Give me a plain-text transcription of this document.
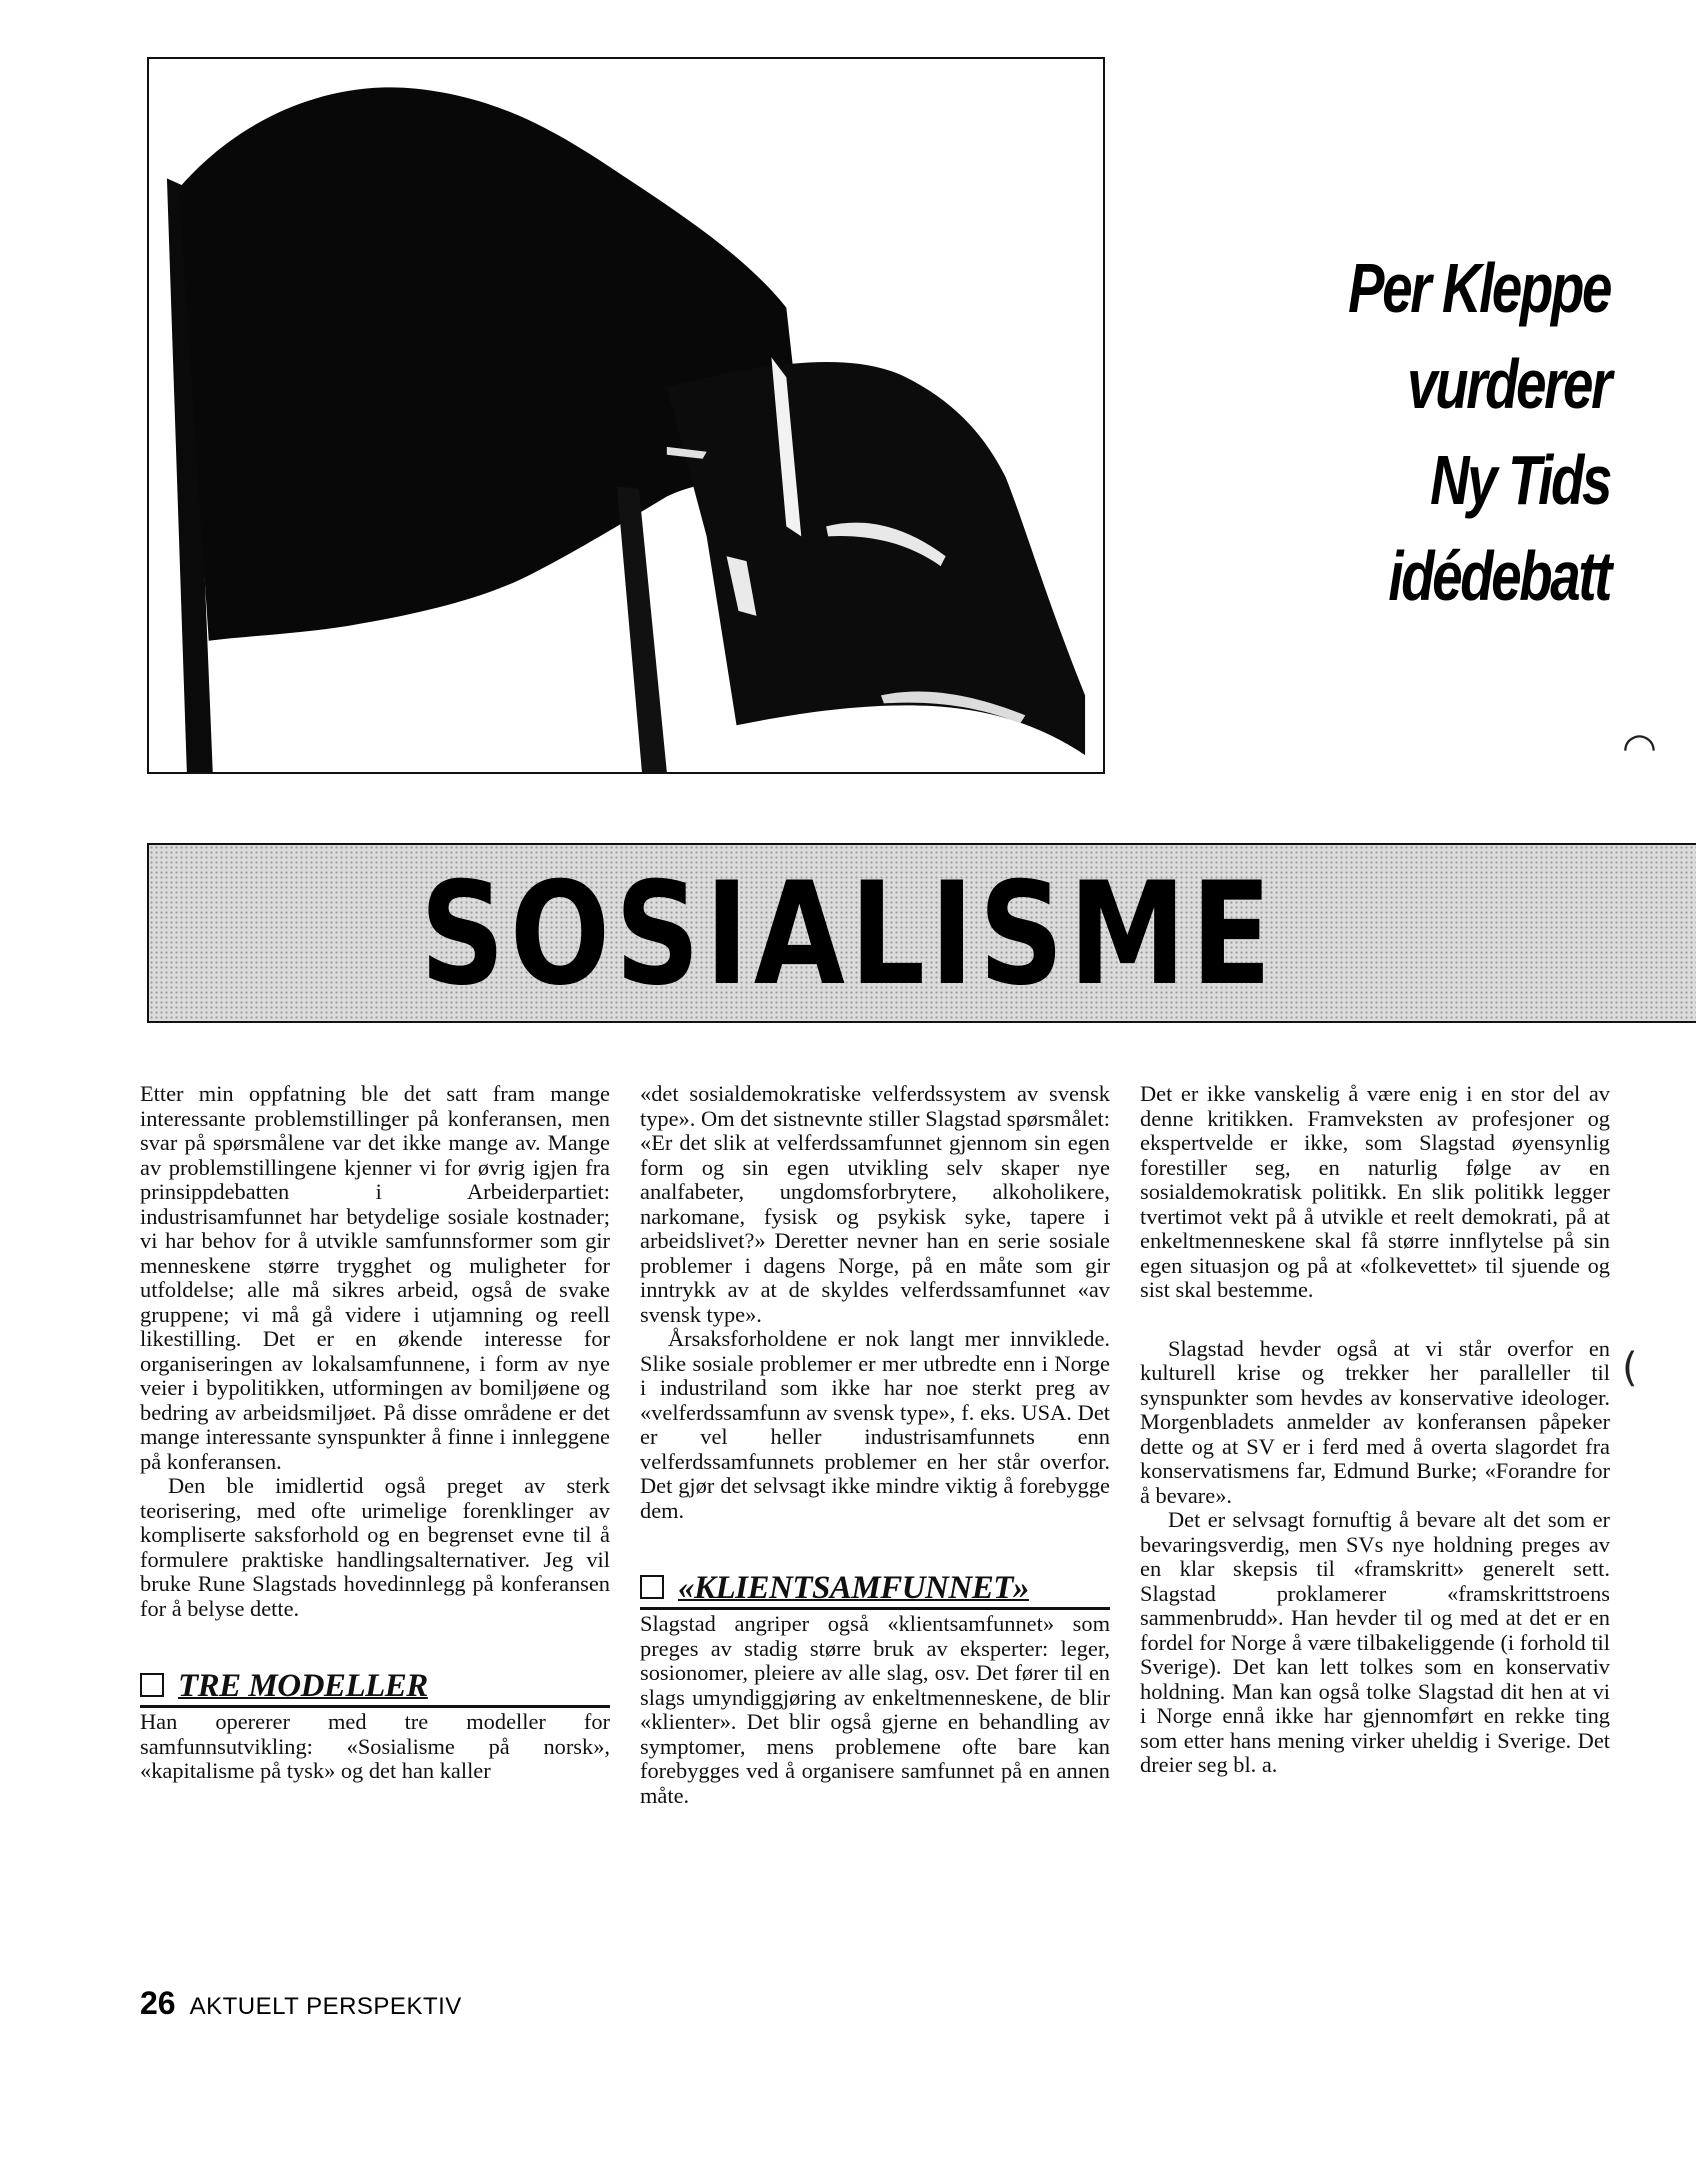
Per Kleppe
vurderer
Ny Tids
idédebatt
SOSIALISME
◠
(

Etter min oppfatning ble det satt fram mange interessante problemstillinger på konferansen, men svar på spørsmålene var det ikke mange av. Mange av problemstillingene kjenner vi for øvrig igjen fra prinsippdebatten i Arbeiderpartiet: industrisamfunnet har betydelige sosiale kostnader; vi har behov for å utvikle samfunnsformer som gir menneskene større trygghet og muligheter for utfoldelse; alle må sikres arbeid, også de svake gruppene; vi må gå videre i utjamning og reell likestilling. Det er en økende interesse for organiseringen av lokalsamfunnene, i form av nye veier i bypolitikken, utformingen av bomiljøene og bedring av arbeidsmiljøet. På disse områdene er det mange interessante synspunkter å finne i innleggene på konferansen.

Den ble imidlertid også preget av sterk teorisering, med ofte urimelige forenklinger av kompliserte saksforhold og en begrenset evne til å formulere praktiske handlingsalternativer. Jeg vil bruke Rune Slagstads hovedinnlegg på konferansen for å belyse dette.

TRE MODELLER

Han opererer med tre modeller for samfunnsutvikling: «Sosialisme på norsk», «kapitalisme på tysk» og det han kaller

«det sosialdemokratiske velferdssystem av svensk type». Om det sistnevnte stiller Slagstad spørsmålet: «Er det slik at velferdssamfunnet gjennom sin egen form og sin egen utvikling selv skaper nye analfabeter, ungdomsforbrytere, alkoholikere, narkomane, fysisk og psykisk syke, tapere i arbeidslivet?» Deretter nevner han en serie sosiale problemer i dagens Norge, på en måte som gir inntrykk av at de skyldes velferdssamfunnet «av svensk type».

Årsaksforholdene er nok langt mer innviklede. Slike sosiale problemer er mer utbredte enn i Norge i industriland som ikke har noe sterkt preg av «velferdssamfunn av svensk type», f. eks. USA. Det er vel heller industrisamfunnets enn velferdssamfunnets problemer en her står overfor. Det gjør det selvsagt ikke mindre viktig å forebygge dem.

«KLIENTSAMFUNNET»

Slagstad angriper også «klientsamfunnet» som preges av stadig større bruk av eksperter: leger, sosionomer, pleiere av alle slag, osv. Det fører til en slags umyndiggjøring av enkeltmenneskene, de blir «klienter». Det blir også gjerne en behandling av symptomer, mens problemene ofte bare kan forebygges ved å organisere samfunnet på en annen måte.

Det er ikke vanskelig å være enig i en stor del av denne kritikken. Framveksten av profesjoner og ekspertvelde er ikke, som Slagstad øyensynlig forestiller seg, en naturlig følge av en sosialdemokratisk politikk. En slik politikk legger tvertimot vekt på å utvikle et reelt demokrati, på at enkeltmenneskene skal få større innflytelse på sin egen situasjon og på at «folkevettet» til sjuende og sist skal bestemme.

Slagstad hevder også at vi står overfor en kulturell krise og trekker her paralleller til synspunkter som hevdes av konservative ideologer. Morgenbladets anmelder av konferansen påpeker dette og at SV er i ferd med å overta slagordet fra konservatismens far, Edmund Burke; «Forandre for å bevare».

Det er selvsagt fornuftig å bevare alt det som er bevaringsverdig, men SVs nye holdning preges av en klar skepsis til «framskritt» generelt sett. Slagstad proklamerer «framskrittstroens sammenbrudd». Han hevder til og med at det er en fordel for Norge å være tilbakeliggende (i forhold til Sverige). Det kan lett tolkes som en konservativ holdning. Man kan også tolke Slagstad dit hen at vi i Norge ennå ikke har gjennomført en rekke ting som etter hans mening virker uheldig i Sverige. Det dreier seg bl. a.

26 AKTUELT PERSPEKTIV
